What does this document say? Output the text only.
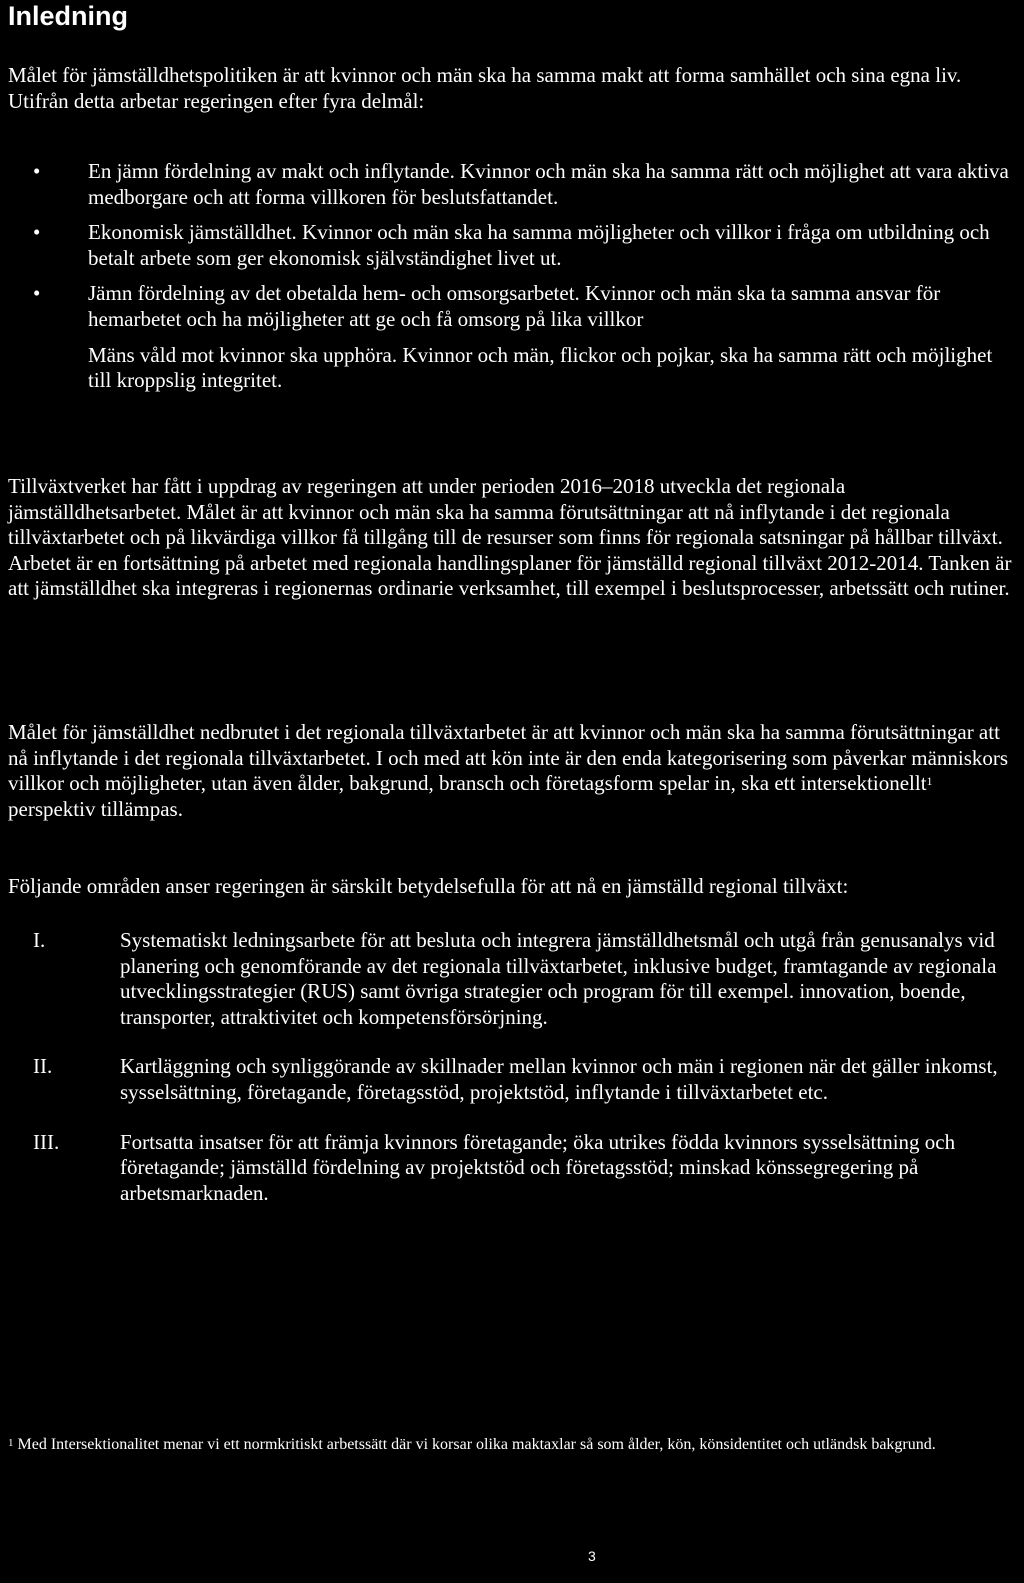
Inledning

Målet för jämställdhetspolitiken är att kvinnor och män ska ha samma makt att forma samhället och sina egna liv. Utifrån detta arbetar regeringen efter fyra delmål:

• En jämn fördelning av makt och inflytande. Kvinnor och män ska ha samma rätt och möjlighet att vara aktiva medborgare och att forma villkoren för beslutsfattandet.
• Ekonomisk jämställdhet. Kvinnor och män ska ha samma möjligheter och villkor i fråga om utbildning och betalt arbete som ger ekonomisk självständighet livet ut.
• Jämn fördelning av det obetalda hem- och omsorgsarbetet. Kvinnor och män ska ta samma ansvar för hemarbetet och ha möjligheter att ge och få omsorg på lika villkor
Mäns våld mot kvinnor ska upphöra. Kvinnor och män, flickor och pojkar, ska ha samma rätt och möjlighet till kroppslig integritet.

Tillväxtverket har fått i uppdrag av regeringen att under perioden 2016–2018 utveckla det regionala jämställdhetsarbetet. Målet är att kvinnor och män ska ha samma förutsättningar att nå inflytande i det regionala tillväxtarbetet och på likvärdiga villkor få tillgång till de resurser som finns för regionala satsningar på hållbar tillväxt. Arbetet är en fortsättning på arbetet med regionala handlingsplaner för jämställd regional tillväxt 2012-2014. Tanken är att jämställdhet ska integreras i regionernas ordinarie verksamhet, till exempel i beslutsprocesser, arbetssätt och rutiner.

Målet för jämställdhet nedbrutet i det regionala tillväxtarbetet är att kvinnor och män ska ha samma förutsättningar att nå inflytande i det regionala tillväxtarbetet. I och med att kön inte är den enda kategorisering som påverkar människors villkor och möjligheter, utan även ålder, bakgrund, bransch och företagsform spelar in, ska ett intersektionellt$^1$ perspektiv tillämpas.

Följande områden anser regeringen är särskilt betydelsefulla för att nå en jämställd regional tillväxt:

I.	Systematiskt ledningsarbete för att besluta och integrera jämställdhetsmål och utgå från genusanalys vid planering och genomförande av det regionala tillväxtarbetet, inklusive budget, framtagande av regionala utvecklingsstrategier (RUS) samt övriga strategier och program för till exempel. innovation, boende, transporter, attraktivitet och kompetensförsörjning.
II.	Kartläggning och synliggörande av skillnader mellan kvinnor och män i regionen när det gäller inkomst, sysselsättning, företagande, företagsstöd, projektstöd, inflytande i tillväxtarbetet etc.
III.	Fortsatta insatser för att främja kvinnors företagande; öka utrikes födda kvinnors sysselsättning och företagande; jämställd fördelning av projektstöd och företagsstöd; minskad könssegregering på arbetsmarknaden.

$^1$ Med Intersektionalitet menar vi ett normkritiskt arbetssätt där vi korsar olika maktaxlar så som ålder, kön, könsidentitet och utländsk bakgrund.

3
